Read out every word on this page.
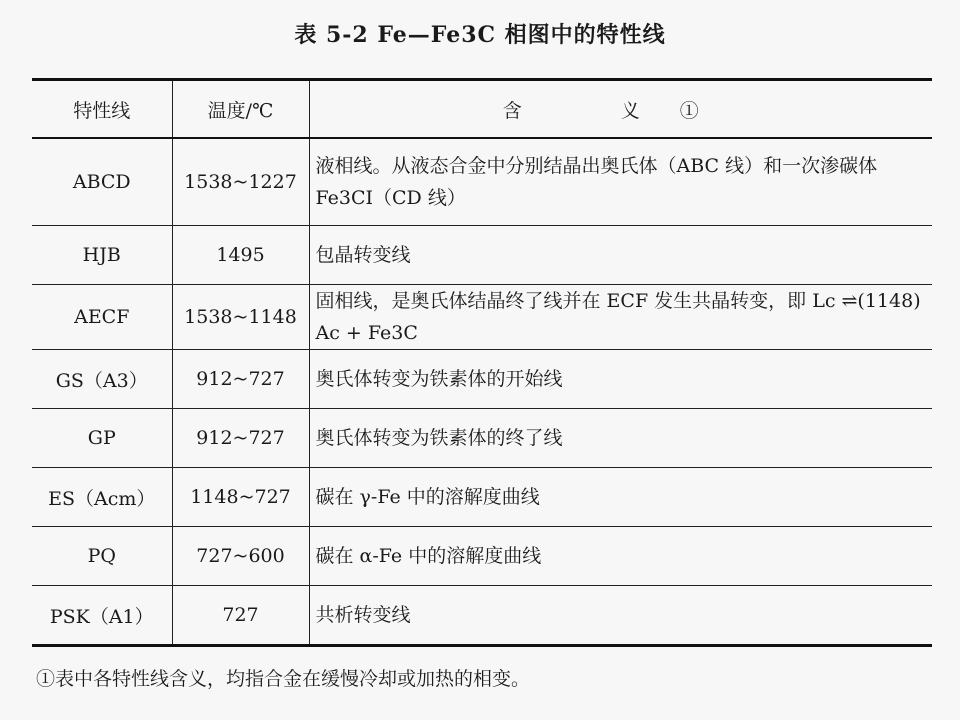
表 5-2 Fe—Fe3C 相图中的特性线
特性线	温度/℃	含　义①
ABCD	1538~1227	液相线。从液态合金中分别结晶出奥氏体（ABC 线）和一次渗碳体 Fe3CI（CD 线）
HJB	1495	包晶转变线
AECF	1538~1148	固相线，是奥氏体结晶终了线并在 ECF 发生共晶转变，即 Lc ⇌(1148) Ac + Fe3C
GS（A3）	912~727	奥氏体转变为铁素体的开始线
GP	912~727	奥氏体转变为铁素体的终了线
ES（Acm）	1148~727	碳在 γ-Fe 中的溶解度曲线
PQ	727~600	碳在 α-Fe 中的溶解度曲线
PSK（A1）	727	共析转变线
①表中各特性线含义，均指合金在缓慢冷却或加热的相变。
